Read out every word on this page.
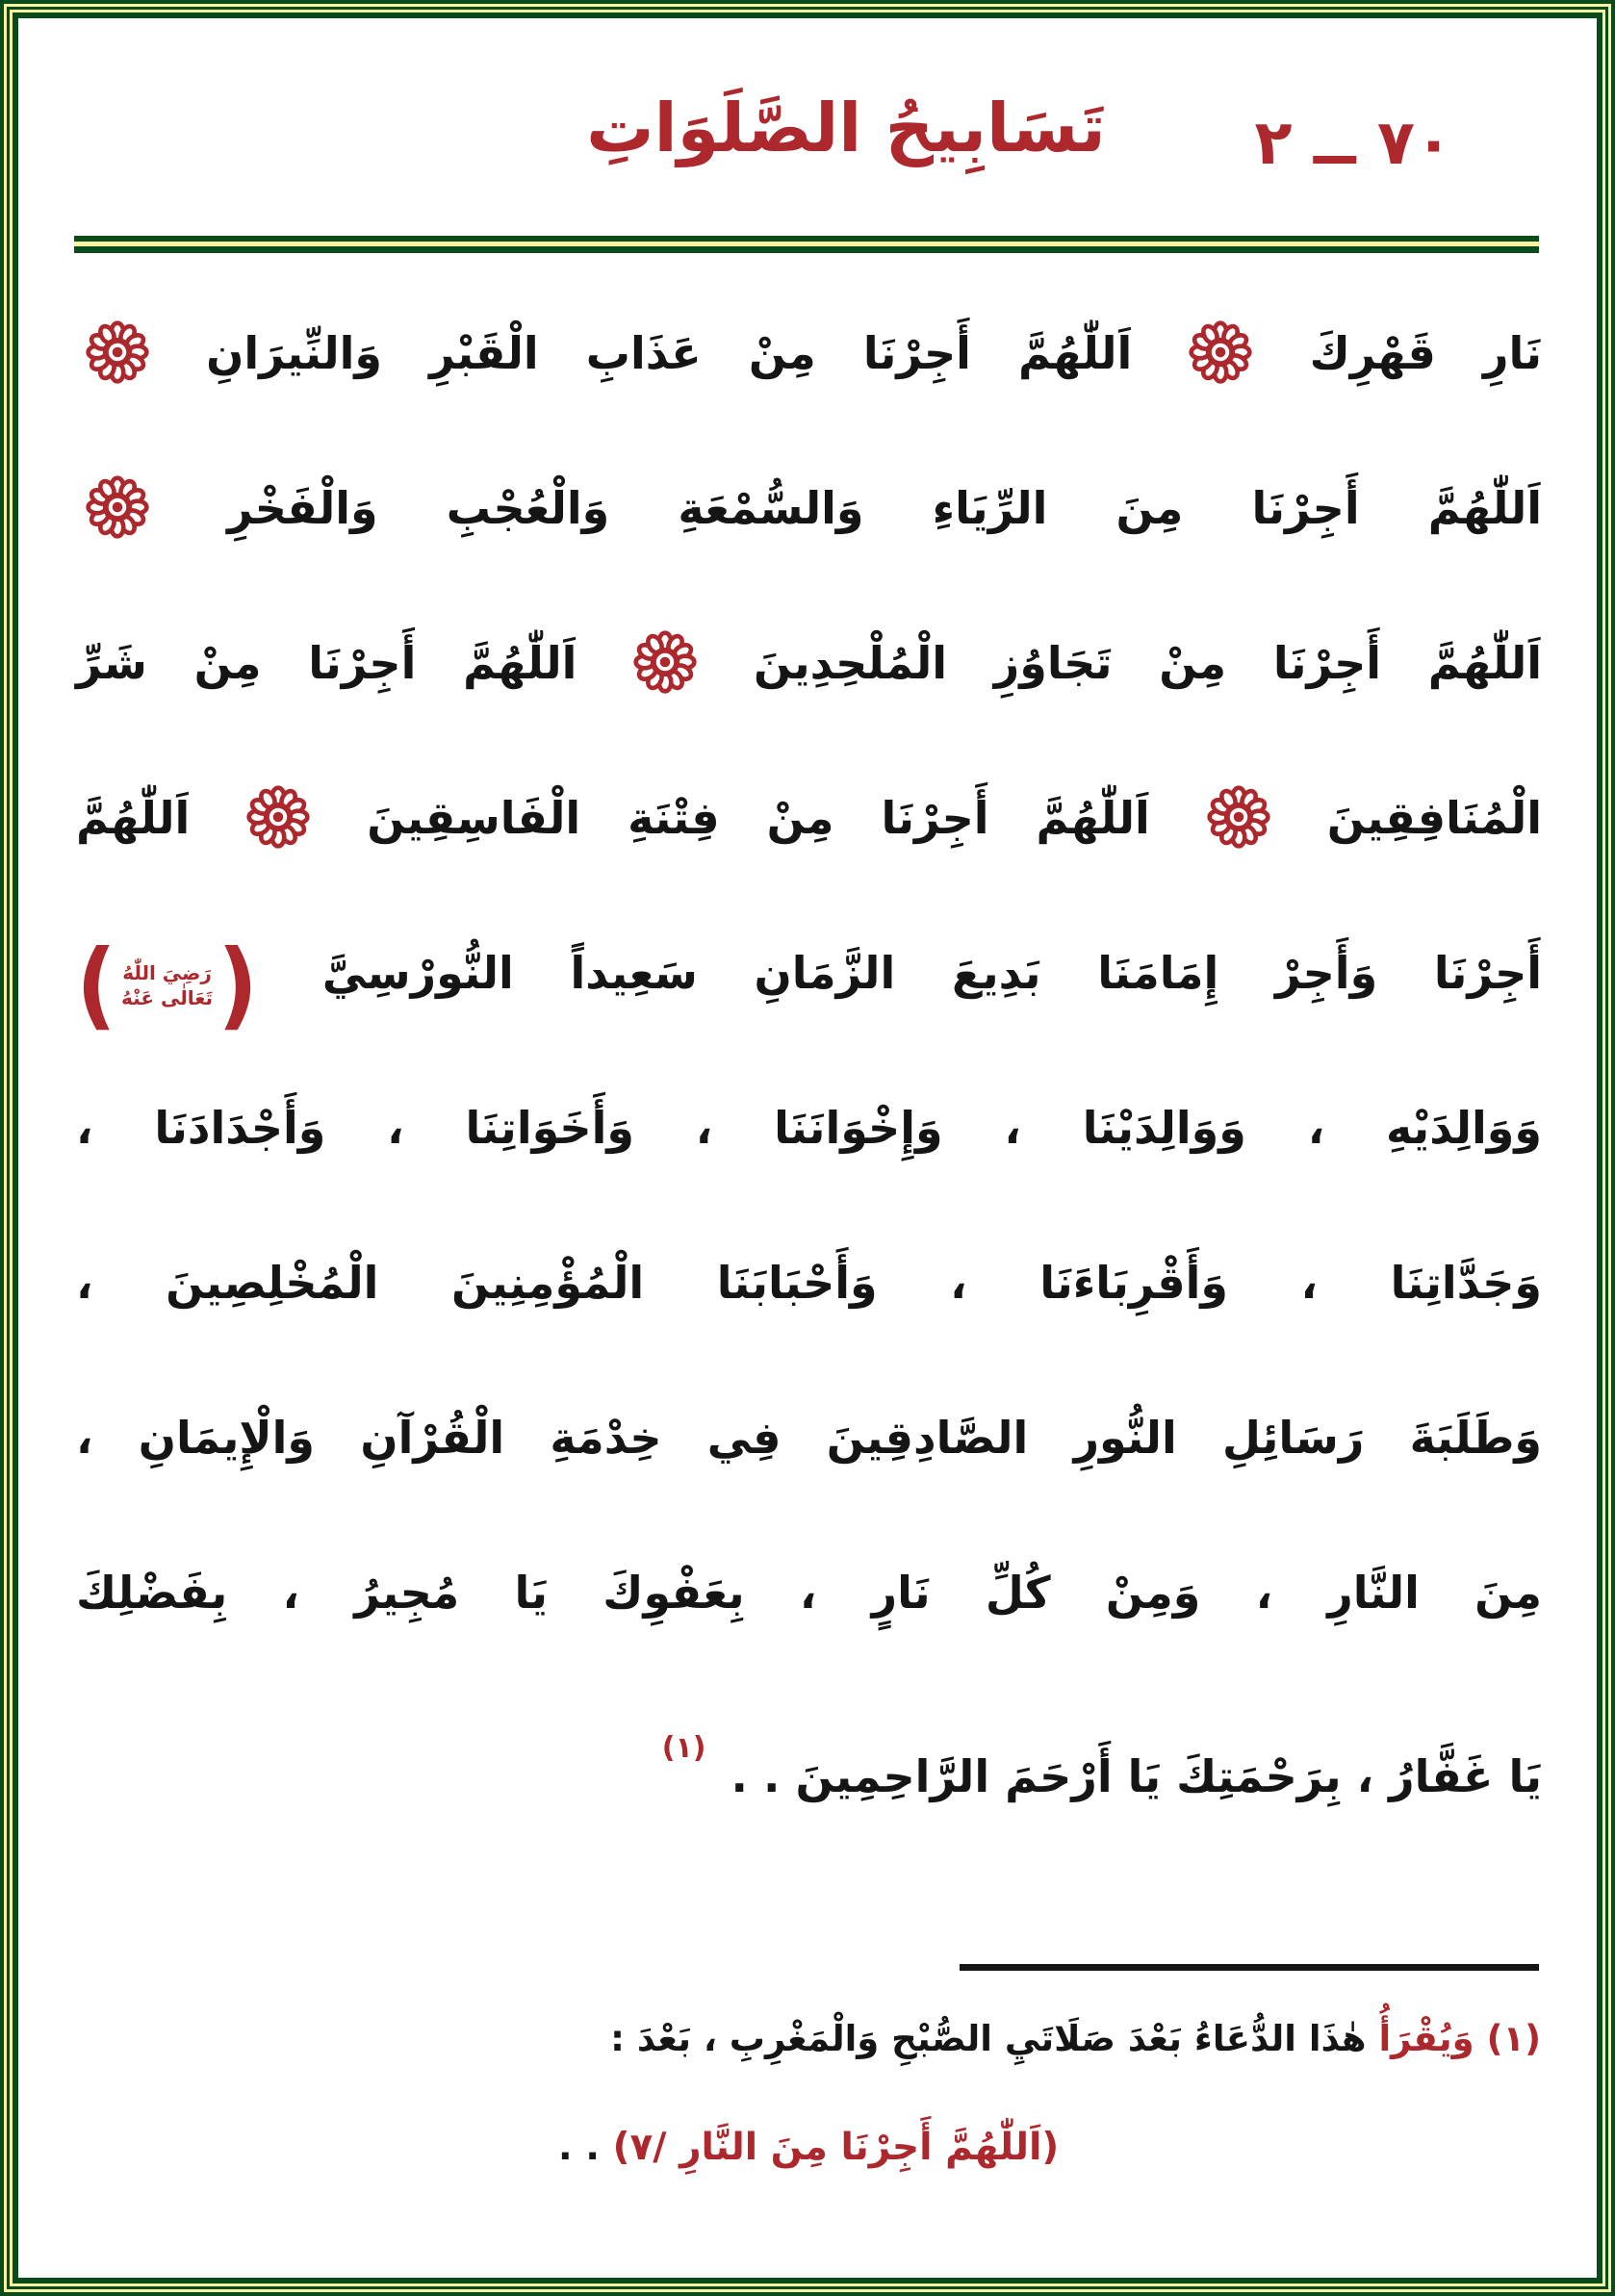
٧٠ ــ ٢
تَسَابِيحُ الصَّلَوَاتِ
نَارِ قَهْرِكَ  اَللّٰهُمَّ أَجِرْنَا مِنْ عَذَابِ الْقَبْرِ وَالنِّيرَانِ
اَللّٰهُمَّ أَجِرْنَا مِنَ الرِّيَاءِ وَالسُّمْعَةِ وَالْعُجْبِ وَالْفَخْرِ
اَللّٰهُمَّ أَجِرْنَا مِنْ تَجَاوُزِ الْمُلْحِدِينَ  اَللّٰهُمَّ أَجِرْنَا مِنْ شَرِّ
الْمُنَافِقِينَ  اَللّٰهُمَّ أَجِرْنَا مِنْ فِتْنَةِ الْفَاسِقِينَ  اَللّٰهُمَّ
أَجِرْنَا وَأَجِرْ إِمَامَنَا بَدِيعَ الزَّمَانِ سَعِيداً النُّورْسِيَّ
(
رَضِيَ اللّٰهُ
تَعَالٰى عَنْهُ
)
وَوَالِدَيْهِ ، وَوَالِدَيْنَا ، وَإِخْوَانَنَا ، وَأَخَوَاتِنَا ، وَأَجْدَادَنَا ،
وَجَدَّاتِنَا ، وَأَقْرِبَاءَنَا ، وَأَحْبَابَنَا الْمُؤْمِنِينَ الْمُخْلِصِينَ ،
وَطَلَبَةَ رَسَائِلِ النُّورِ الصَّادِقِينَ فِي خِدْمَةِ الْقُرْآنِ وَالْإِيمَانِ ،
مِنَ النَّارِ ، وَمِنْ كُلِّ نَارٍ ، بِعَفْوِكَ يَا مُجِيرُ ، بِفَضْلِكَ
يَا غَفَّارُ ، بِرَحْمَتِكَ يَا أَرْحَمَ الرَّاحِمِينَ . . $^{(١)}$
(١) وَيُقْرَأُ هٰذَا الدُّعَاءُ بَعْدَ صَلَاتَيِ الصُّبْحِ وَالْمَغْرِبِ ، بَعْدَ :
(اَللّٰهُمَّ أَجِرْنَا مِنَ النَّارِ /٧) . .
